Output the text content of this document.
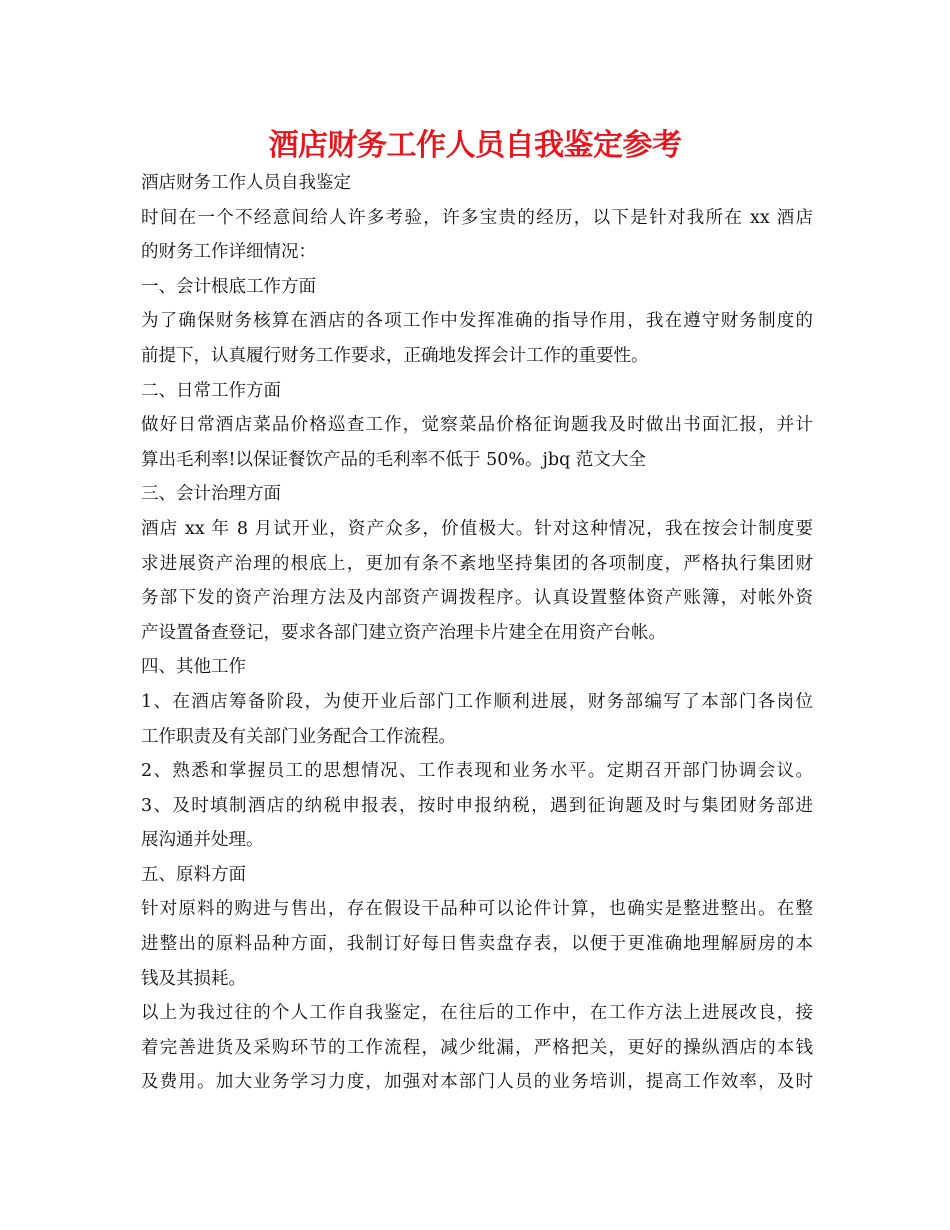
酒店财务工作人员自我鉴定参考
酒店财务工作人员自我鉴定
时间在一个不经意间给人许多考验，许多宝贵的经历，以下是针对我所在 xx 酒店
的财务工作详细情况：
一、会计根底工作方面
为了确保财务核算在酒店的各项工作中发挥准确的指导作用，我在遵守财务制度的
前提下，认真履行财务工作要求，正确地发挥会计工作的重要性。
二、日常工作方面
做好日常酒店菜品价格巡查工作，觉察菜品价格征询题我及时做出书面汇报，并计
算出毛利率!以保证餐饮产品的毛利率不低于 50%。jbq 范文大全
三、会计治理方面
酒店 xx 年 8 月试开业，资产众多，价值极大。针对这种情况，我在按会计制度要
求进展资产治理的根底上，更加有条不紊地坚持集团的各项制度，严格执行集团财
务部下发的资产治理方法及内部资产调拨程序。认真设置整体资产账簿，对帐外资
产设置备查登记，要求各部门建立资产治理卡片建全在用资产台帐。
四、其他工作
1、在酒店筹备阶段，为使开业后部门工作顺利进展，财务部编写了本部门各岗位
工作职责及有关部门业务配合工作流程。
2、熟悉和掌握员工的思想情况、工作表现和业务水平。定期召开部门协调会议。
3、及时填制酒店的纳税申报表，按时申报纳税，遇到征询题及时与集团财务部进
展沟通并处理。
五、原料方面
针对原料的购进与售出，存在假设干品种可以论件计算，也确实是整进整出。在整
进整出的原料品种方面，我制订好每日售卖盘存表，以便于更准确地理解厨房的本
钱及其损耗。
以上为我过往的个人工作自我鉴定，在往后的工作中，在工作方法上进展改良，接
着完善进货及采购环节的工作流程，减少纰漏，严格把关，更好的操纵酒店的本钱
及费用。加大业务学习力度，加强对本部门人员的业务培训，提高工作效率，及时
